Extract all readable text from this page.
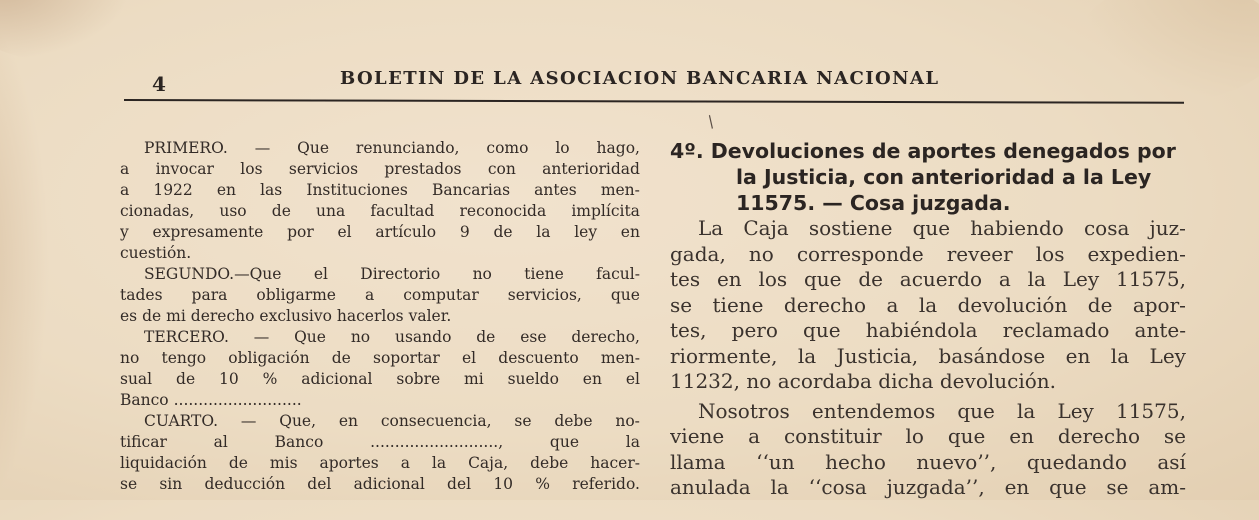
4	BOLETIN DE LA ASOCIACION BANCARIA NACIONAL
/
PRIMERO. — Que renunciando, como lo hago,
a invocar los servicios prestados con anterioridad
a 1922 en las Instituciones Bancarias antes men-
cionadas, uso de una facultad reconocida implícita
y expresamente por el artículo 9 de la ley en
cuestión.
SEGUNDO.—Que el Directorio no tiene facul-
tades para obligarme a computar servicios, que
es de mi derecho exclusivo hacerlos valer.
TERCERO. — Que no usando de ese derecho,
no tengo obligación de soportar el descuento men-
sual de 10 % adicional sobre mi sueldo en el
Banco ..........................
CUARTO. — Que, en consecuencia, se debe no-
tificar	al	Banco	..........................,	que	la
liquidación de mis aportes a la Caja, debe hacer-
se sin deducción del adicional del 10 % referido.
4º. Devoluciones de aportes denegados por
la Justicia, con anterioridad a la Ley
11575. — Cosa juzgada.
La Caja sostiene que habiendo cosa juz-
gada, no corresponde reveer los expedien-
tes en los que de acuerdo a la Ley 11575,
se tiene derecho a la devolución de apor-
tes, pero que habiéndola reclamado ante-
riormente, la Justicia, basándose en la Ley
11232, no acordaba dicha devolución.
Nosotros entendemos que la Ley 11575,
viene a constituir lo que en derecho se
llama ‘‘un hecho nuevo’’, quedando así
anulada la ‘‘cosa juzgada’’, en que se am-
